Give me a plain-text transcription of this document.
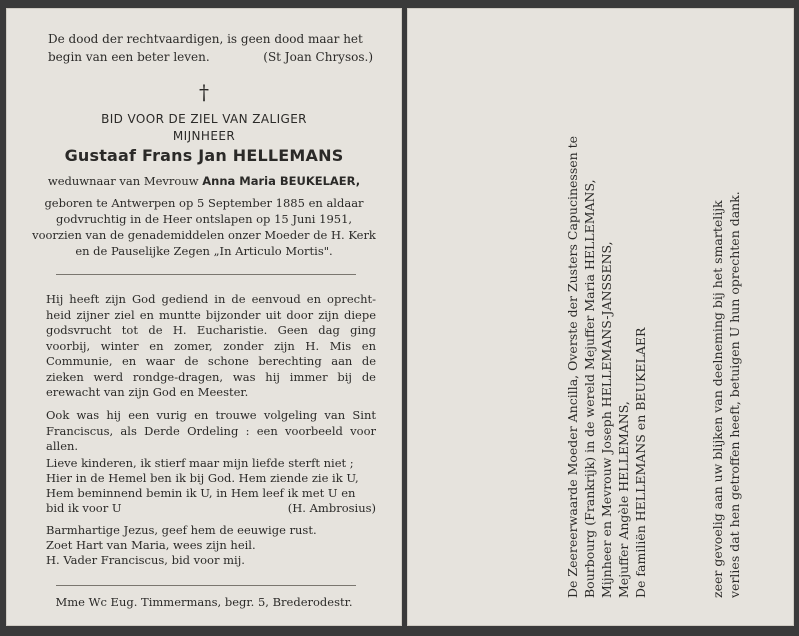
De dood der rechtvaardigen, is geen dood maar het
begin van een beter leven.	(St Joan Chrysos.)
†
BID VOOR DE ZIEL VAN ZALIGER
MIJNHEER
Gustaaf Frans Jan HELLEMANS
weduwnaar van Mevrouw Anna Maria BEUKELAER,
geboren te Antwerpen op 5 September 1885 en aldaar
godvruchtig in de Heer ontslapen op 15 Juni 1951,
voorzien van de genademiddelen onzer Moeder de H. Kerk
en de Pauselijke Zegen „In Articulo Mortis".
Hij heeft zijn God gediend in de eenvoud en oprecht-heid zijner ziel en muntte bijzonder uit door zijn diepe godsvrucht tot de H. Eucharistie. Geen dag ging voorbij, winter en zomer, zonder zijn H. Mis en Communie, en waar de schone berechting aan de zieken werd rondge-dragen, was hij immer bij de erewacht van zijn God en Meester.
Ook was hij een vurig en trouwe volgeling van Sint Franciscus, als Derde Ordeling : een voorbeeld voor allen.
Lieve kinderen, ik stierf maar mijn liefde sterft niet ;
Hier in de Hemel ben ik bij God. Hem ziende zie ik U,
Hem beminnend bemin ik U, in Hem leef ik met U en
bid ik voor U	(H. Ambrosius)
Barmhartige Jezus, geef hem de eeuwige rust.
Zoet Hart van Maria, wees zijn heil.
H. Vader Franciscus, bid voor mij.
Mme Wc Eug. Timmermans, begr. 5, Brederodestr.
De Zeereerwaarde Moeder Ancilla, Overste der Zusters Capucinessen te Bourbourg (Frankrijk) in de wereld Mejuffer Maria HELLEMANS, Mijnheer en Mevrouw Joseph HELLEMANS-JANSSENS, Mejuffer Angèle HELLEMANS, De familiën HELLEMANS en BEUKELAER	zeer gevoelig aan uw blijken van deelneming bij het smartelijk verlies dat hen getroffen heeft, betuigen U hun oprechten dank.
